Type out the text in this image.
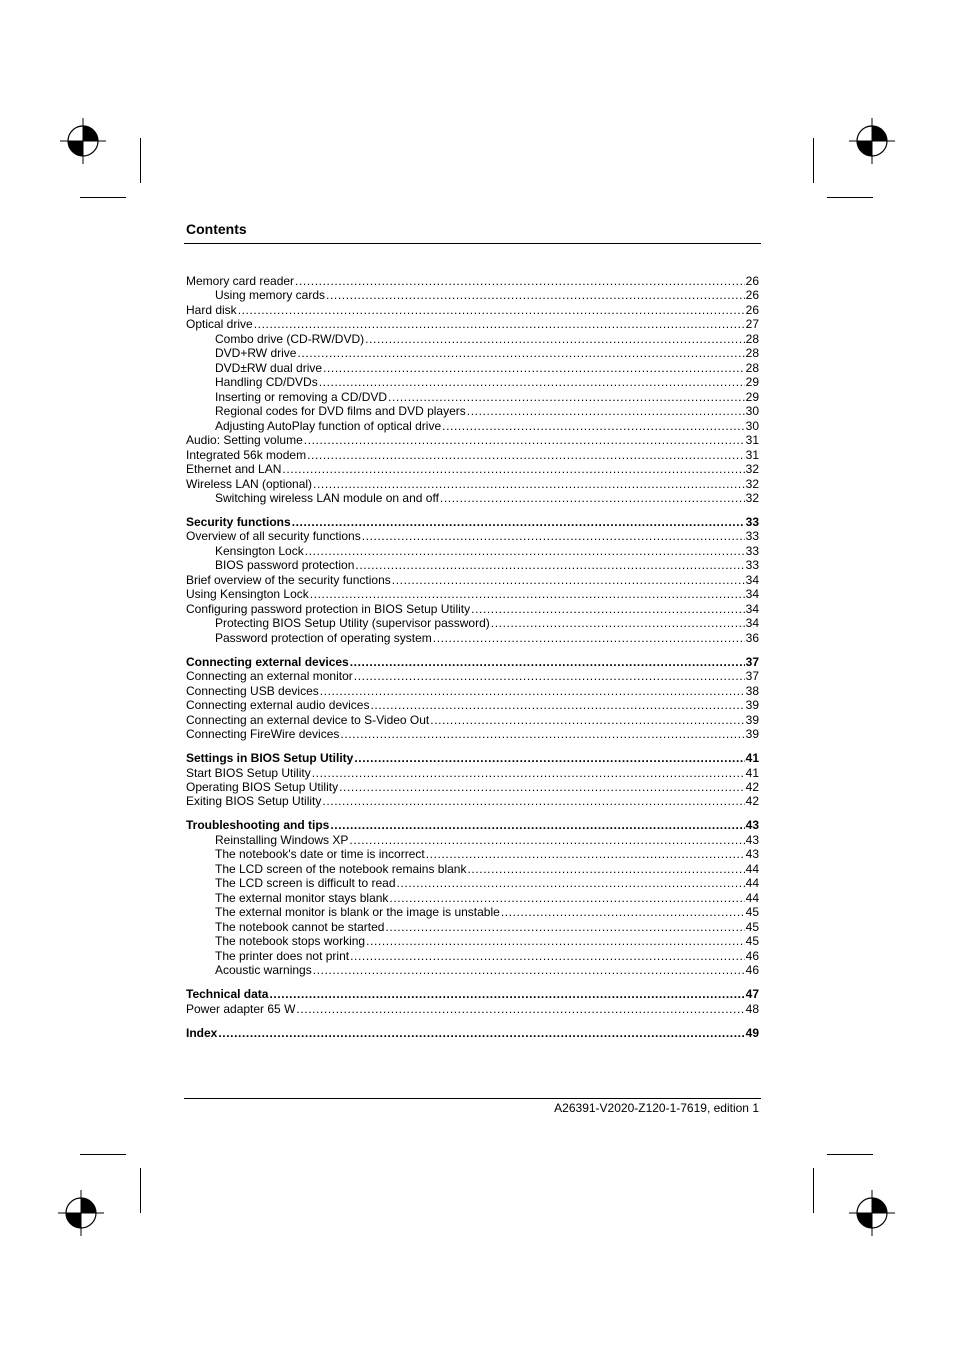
Contents
Memory card reader .....	26
Using memory cards .....	26
Hard disk .....	26
Optical drive .....	27
Combo drive (CD-RW/DVD) .....	28
DVD+RW drive .....	28
DVD±RW dual drive .....	28
Handling CD/DVDs .....	29
Inserting or removing a CD/DVD .....	29
Regional codes for DVD films and DVD players .....	30
Adjusting AutoPlay function of optical drive .....	30
Audio: Setting volume .....	31
Integrated 56k modem .....	31
Ethernet and LAN .....	32
Wireless LAN (optional) .....	32
Switching wireless LAN module on and off .....	32
Security functions .....	33
Overview of all security functions .....	33
Kensington Lock .....	33
BIOS password protection .....	33
Brief overview of the security functions .....	34
Using Kensington Lock .....	34
Configuring password protection in BIOS Setup Utility .....	34
Protecting BIOS Setup Utility (supervisor password) .....	34
Password protection of operating system .....	36
Connecting external devices .....	37
Connecting an external monitor .....	37
Connecting USB devices .....	38
Connecting external audio devices .....	39
Connecting an external device to S-Video Out .....	39
Connecting FireWire devices .....	39
Settings in BIOS Setup Utility .....	41
Start BIOS Setup Utility .....	41
Operating BIOS Setup Utility .....	42
Exiting BIOS Setup Utility .....	42
Troubleshooting and tips .....	43
Reinstalling Windows XP .....	43
The notebook's date or time is incorrect .....	43
The LCD screen of the notebook remains blank .....	44
The LCD screen is difficult to read .....	44
The external monitor stays blank .....	44
The external monitor is blank or the image is unstable .....	45
The notebook cannot be started .....	45
The notebook stops working .....	45
The printer does not print .....	46
Acoustic warnings .....	46
Technical data .....	47
Power adapter 65 W .....	48
Index .....	49
A26391-V2020-Z120-1-7619, edition 1
